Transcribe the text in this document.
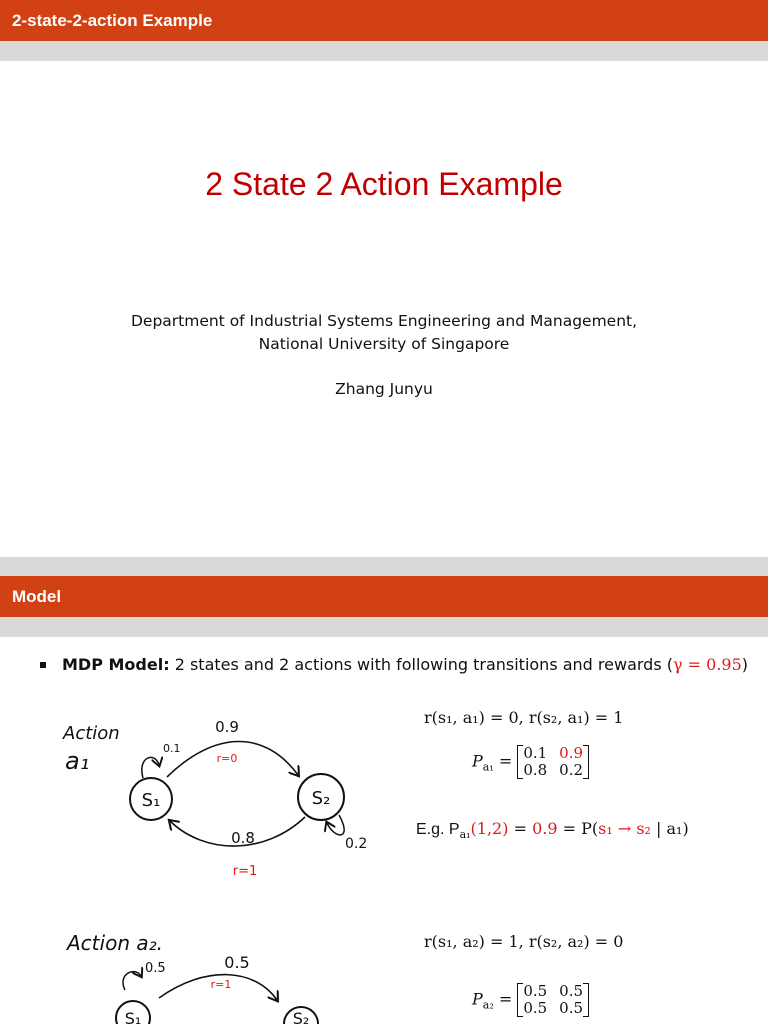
2-state-2-action Example
2 State 2 Action Example
Department of Industrial Systems Engineering and Management,
National University of Singapore
Zhang Junyu
Model
MDP Model: 2 states and 2 actions with following transitions and rewards (γ = 0.95)
r(s₁, a₁) = 0, r(s₂, a₁) = 1
$P_{a_1} = 0.1$	0.9
0.8	0.2
E.g. $P_{a_1}(1,2) = 0.9 = P(s_1 \to s_2$ | a₁)
r(s₁, a₂) = 1, r(s₂, a₂) = 0
$P_{a_2} = 0.5$	0.5
0.5	0.5
Action
a₁
S₁	S₂
0.9
r=0
0.8
r=1
0.1
0.2
Action a₂.
0.5	0.5
r=1
S₁	S₂
